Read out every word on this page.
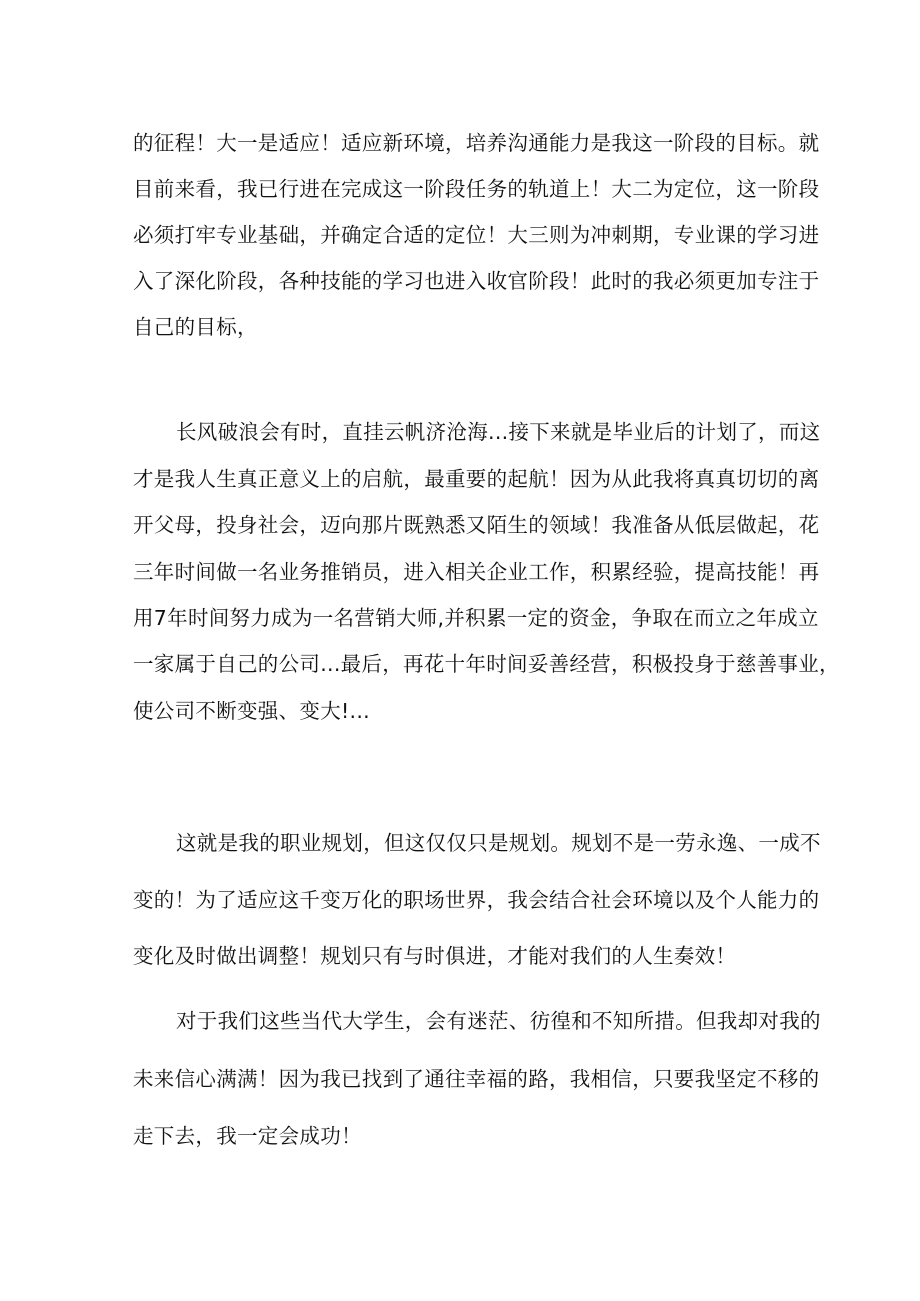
的征程！大一是适应！适应新环境，培养沟通能力是我这一阶段的目标。就
目前来看，我已行进在完成这一阶段任务的轨道上！大二为定位，这一阶段
必须打牢专业基础，并确定合适的定位！大三则为冲刺期，专业课的学习进
入了深化阶段，各种技能的学习也进入收官阶段！此时的我必须更加专注于
自己的目标，
长风破浪会有时，直挂云帆济沧海...接下来就是毕业后的计划了，而这
才是我人生真正意义上的启航，最重要的起航！因为从此我将真真切切的离
开父母，投身社会，迈向那片既熟悉又陌生的领域！我准备从低层做起，花
三年时间做一名业务推销员，进入相关企业工作，积累经验，提高技能！再
用7年时间努力成为一名营销大师,并积累一定的资金，争取在而立之年成立
一家属于自己的公司...最后，再花十年时间妥善经营，积极投身于慈善事业，
使公司不断变强、变大!...
这就是我的职业规划，但这仅仅只是规划。规划不是一劳永逸、一成不
变的！为了适应这千变万化的职场世界，我会结合社会环境以及个人能力的
变化及时做出调整！规划只有与时俱进，才能对我们的人生奏效！
对于我们这些当代大学生，会有迷茫、彷徨和不知所措。但我却对我的
未来信心满满！因为我已找到了通往幸福的路，我相信，只要我坚定不移的
走下去，我一定会成功！
